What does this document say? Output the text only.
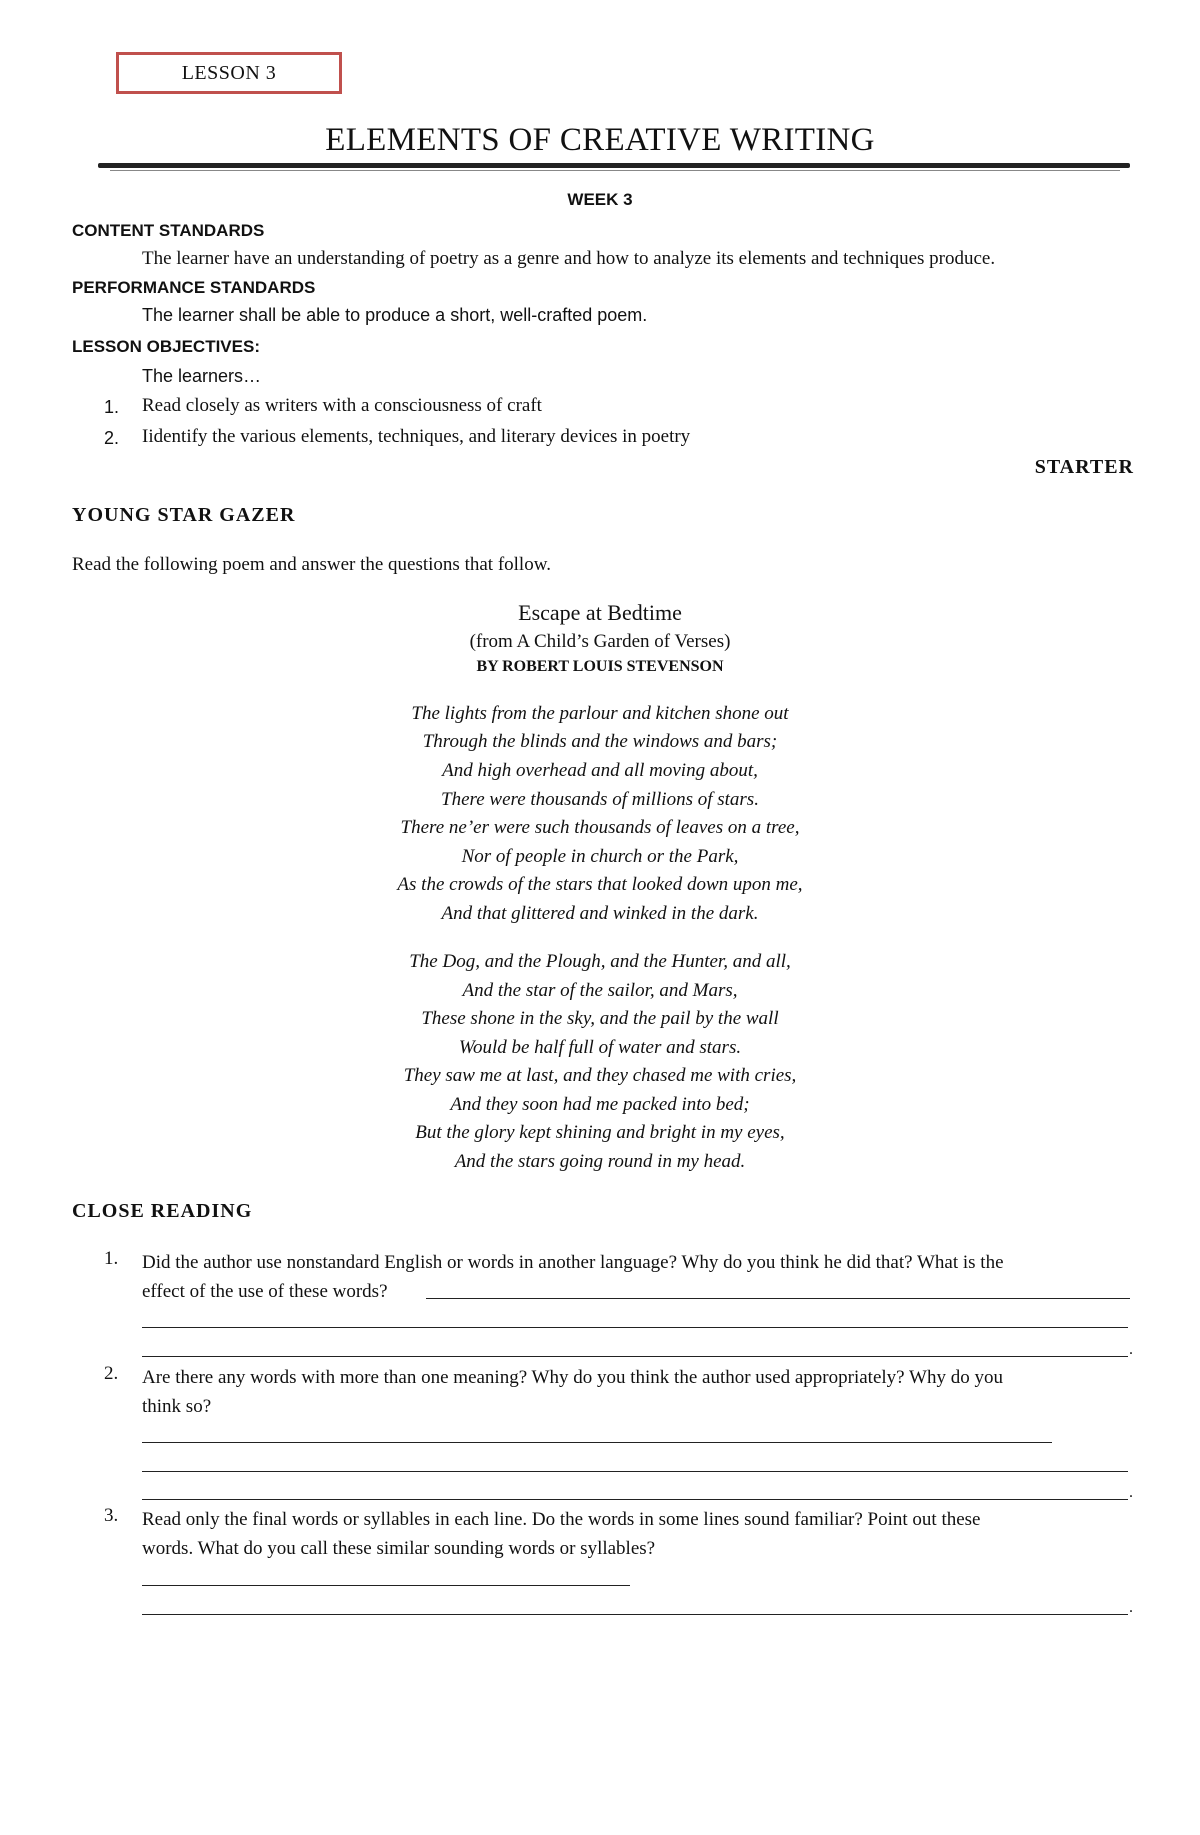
LESSON 3
ELEMENTS OF CREATIVE WRITING
WEEK 3
CONTENT STANDARDS
The learner have an understanding of poetry as a genre and how to analyze its elements and techniques produce.
PERFORMANCE STANDARDS
The learner shall be able to produce a short, well-crafted poem.
LESSON OBJECTIVES:
The learners…
1. Read closely as writers with a consciousness of craft
2. Iidentify the various elements, techniques, and literary devices in poetry
STARTER
YOUNG STAR GAZER
Read the following poem and answer the questions that follow.
Escape at Bedtime
(from A Child’s Garden of Verses)
BY ROBERT LOUIS STEVENSON
The lights from the parlour and kitchen shone out
Through the blinds and the windows and bars;
And high overhead and all moving about,
There were thousands of millions of stars.
There ne’er were such thousands of leaves on a tree,
Nor of people in church or the Park,
As the crowds of the stars that looked down upon me,
And that glittered and winked in the dark.
The Dog, and the Plough, and the Hunter, and all,
And the star of the sailor, and Mars,
These shone in the sky, and the pail by the wall
Would be half full of water and stars.
They saw me at last, and they chased me with cries,
And they soon had me packed into bed;
But the glory kept shining and bright in my eyes,
And the stars going round in my head.
CLOSE READING
1. Did the author use nonstandard English or words in another language? Why do you think he did that? What is the
effect of the use of these words?
.
2. Are there any words with more than one meaning? Why do you think the author used appropriately? Why do you
think so?
.
3. Read only the final words or syllables in each line. Do the words in some lines sound familiar? Point out these
words. What do you call these similar sounding words or syllables?
.
